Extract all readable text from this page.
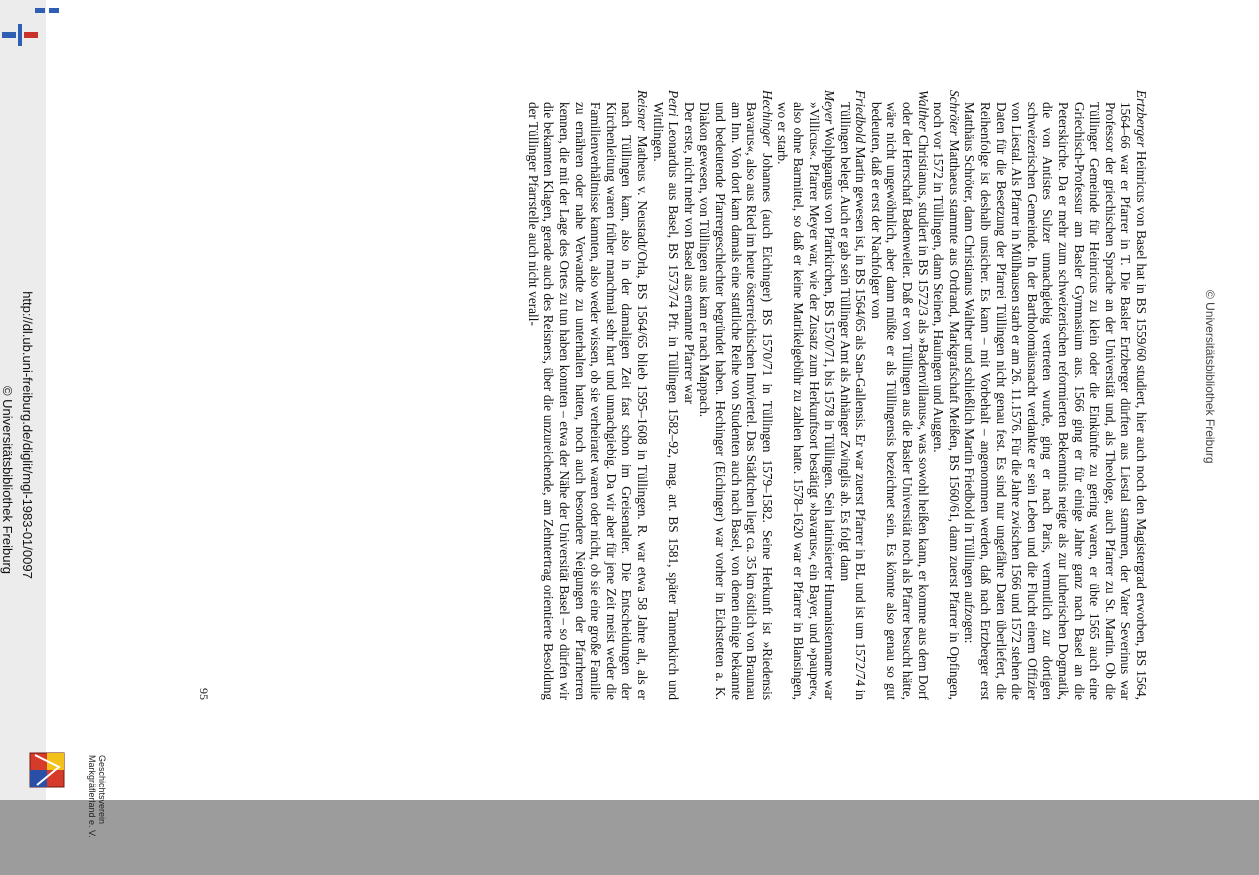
© Universitätsbibliothek Freiburg

Ertzberger Heinricus von Basel hat in BS 1559/60 studiert, hier auch noch den Magistergrad erworben, BS 1564, 1564–66 war er Pfarrer in T. Die Basler Ertzberger dürften aus Liestal stammen, der Vater Severinus war Professor der griechischen Sprache an der Universität und, als Theologe, auch Pfarrer zu St. Martin. Ob die Tüllinger Gemeinde für Heinricus zu klein oder die Einkünfte zu gering waren, er übte 1565 auch eine Griechisch-Professur am Basler Gymnasium aus. 1566 ging er für einige Jahre ganz nach Basel an die Peterskirche. Da er mehr zum schweizerischen reformierten Bekenntnis neigte als zur lutherischen Dogmatik, die von Antistes Sulzer unnachgiebig vertreten wurde, ging er nach Paris, vermutlich zur dortigen schweizerischen Gemeinde. In der Bartholomäusnacht verdankte er sein Leben und die Flucht einem Offizier von Liestal. Als Pfarrer in Mülhausen starb er am 26. 11.1576. Für die Jahre zwischen 1566 und 1572 stehen die Daten für die Besetzung der Pfarrei Tüllingen nicht genau fest. Es sind nur ungefähre Daten überliefert, die Reihenfolge ist deshalb unsicher. Es kann – mit Vorbehalt – angenommen werden, daß nach Ertzberger erst Matthäus Schröter, dann Christianus Walther und schließlich Martin Friedbold in Tüllingen aufzogen:

Schröter Matthaeus stammte aus Ordrand, Markgrafschaft Meißen, BS 1560/61, dann zuerst Pfarrer in Opfingen, noch vor 1572 in Tüllingen, dann Steinen, Hauingen und Auggen.

Walther Christianus, studiert in BS 1572/3 als »Badenvillanus«, was sowohl heißen kann, er komme aus dem Dorf oder der Herrschaft Badenweiler. Daß er von Tüllingen aus die Basler Universität noch als Pfarrer besucht hätte, wäre nicht ungewöhnlich, aber dann müßte er als Tüllingensis bezeichnet sein. Es könnte also genau so gut bedeuten, daß er erst der Nachfolger von

Friedbold Martin gewesen ist, in BS 1564/65 als San-Gallensis. Er war zuerst Pfarrer in BL und ist um 1572/74 in Tüllingen belegt. Auch er gab sein Tüllinger Amt als Anhänger Zwinglis ab. Es folgt dann

Meyer Wolphgangus von Pfarrkirchen, BS 1570/71, bis 1578 in Tüllingen. Sein latinisierter Humanistenname war »Villicus«. Pfarrer Meyer war, wie der Zusatz zum Herkunftsort bestätigt »bavarus«, ein Bayer, und »pauper«, also ohne Barmittel, so daß er keine Matrikelgebühr zu zahlen hatte. 1578–1620 war er Pfarrer in Blansingen, wo er starb.

Hechinger Johannes (auch Eichinger) BS 1570/71 in Tüllingen 1579–1582. Seine Herkunft ist »Riedensis Bavarus«, also aus Ried im heute österreichischen Innviertel. Das Städtchen liegt ca. 35 km östlich von Braunau am Inn. Von dort kam damals eine stattliche Reihe von Studenten auch nach Basel, von denen einige bekannte und bedeutende Pfarrergeschlechter begründet haben. Hechinger (Eichinger) war vorher in Eichstetten a. K. Diakon gewesen, von Tüllingen aus kam er nach Mappach.

Der erste, nicht mehr von Basel aus ernannte Pfarrer war

Petri Leonardus aus Basel, BS 1573/74 Pfr. in Tüllingen 1582–92, mag. art. BS 1581, später Tannenkirch und Wittlingen.

Reisner Matheus v. Neustadt/Orla, BS 1564/65 blieb 1595–1608 in Tüllingen. R. war etwa 58 Jahre alt, als er nach Tüllingen kam, also in der damaligen Zeit fast schon im Greisenalter. Die Entscheidungen der Kirchenleitung waren früher manchmal sehr hart und unnachgiebig. Da wir aber für jene Zeit meist weder die Familienverhältnisse kannten, also weder wissen, ob sie verheiratet waren oder nicht, ob sie eine große Familie zu ernähren oder nahe Verwandte zu unterhalten hatten, noch auch besondere Neigungen der Pfarrherren kennen, die mit der Lage des Ortes zu tun haben konnten – etwa der Nähe der Universität Basel – so dürfen wir die bekannten Klagen, gerade auch des Reisners, über die unzureichende, am Zehntertrag orientierte Besoldung der Tüllinger Pfarrstelle auch nicht verall-

95
Geschichtsverein
Markgräflerland e. V.
http://dl.ub.uni-freiburg.de/diglit/mgl-1983-01/0097
© Universitätsbibliothek Freiburg
